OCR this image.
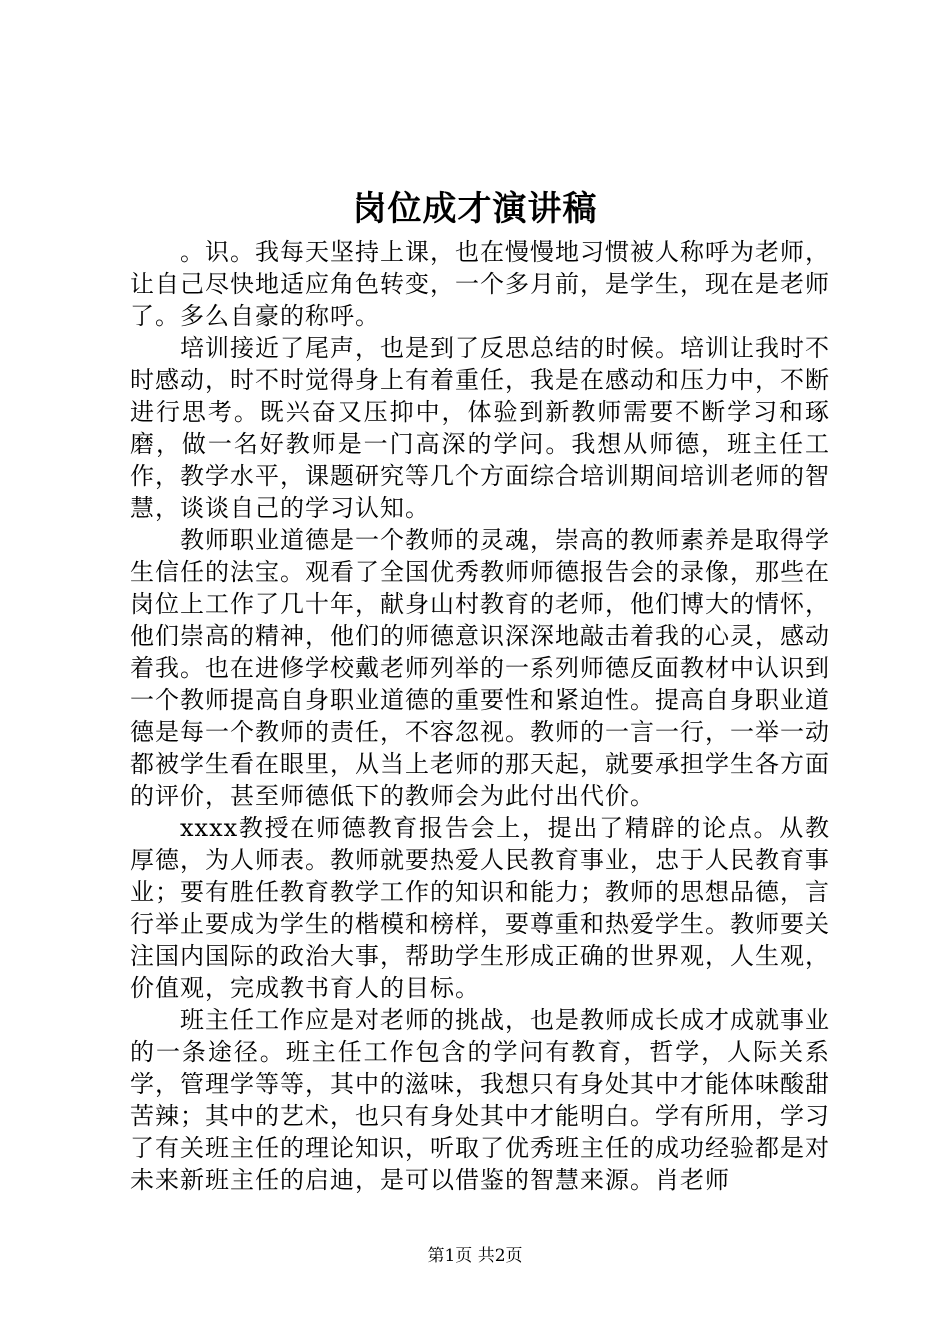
岗位成才演讲稿

。识。我每天坚持上课，也在慢慢地习惯被人称呼为老师，让自己尽快地适应角色转变，一个多月前，是学生，现在是老师了。多么自豪的称呼。

培训接近了尾声，也是到了反思总结的时候。培训让我时不时感动，时不时觉得身上有着重任，我是在感动和压力中，不断进行思考。既兴奋又压抑中，体验到新教师需要不断学习和琢磨，做一名好教师是一门高深的学问。我想从师德，班主任工作，教学水平，课题研究等几个方面综合培训期间培训老师的智慧，谈谈自己的学习认知。

教师职业道德是一个教师的灵魂，崇高的教师素养是取得学生信任的法宝。观看了全国优秀教师师德报告会的录像，那些在岗位上工作了几十年，献身山村教育的老师，他们博大的情怀，他们崇高的精神，他们的师德意识深深地敲击着我的心灵，感动着我。也在进修学校戴老师列举的一系列师德反面教材中认识到一个教师提高自身职业道德的重要性和紧迫性。提高自身职业道德是每一个教师的责任，不容忽视。教师的一言一行，一举一动都被学生看在眼里，从当上老师的那天起，就要承担学生各方面的评价，甚至师德低下的教师会为此付出代价。

xxxx教授在师德教育报告会上，提出了精辟的论点。从教厚德，为人师表。教师就要热爱人民教育事业，忠于人民教育事业；要有胜任教育教学工作的知识和能力；教师的思想品德，言行举止要成为学生的楷模和榜样，要尊重和热爱学生。教师要关注国内国际的政治大事，帮助学生形成正确的世界观，人生观，价值观，完成教书育人的目标。

班主任工作应是对老师的挑战，也是教师成长成才成就事业的一条途径。班主任工作包含的学问有教育，哲学，人际关系学，管理学等等，其中的滋味，我想只有身处其中才能体味酸甜苦辣；其中的艺术，也只有身处其中才能明白。学有所用，学习了有关班主任的理论知识，听取了优秀班主任的成功经验都是对未来新班主任的启迪，是可以借鉴的智慧来源。肖老师

第1页 共2页
